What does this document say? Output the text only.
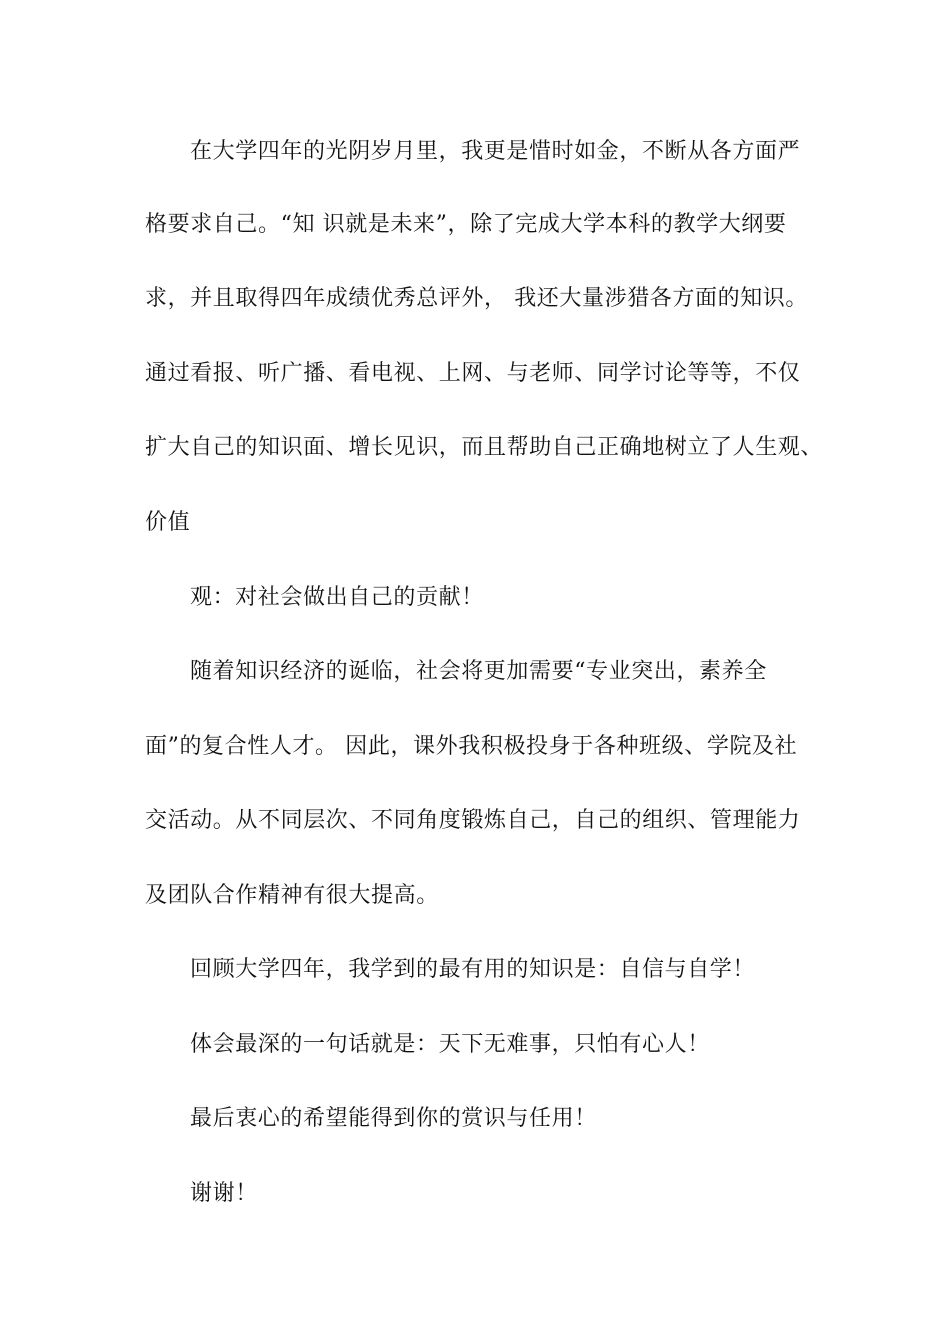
在大学四年的光阴岁月里，我更是惜时如金，不断从各方面严
格要求自己。“知 识就是未来”，除了完成大学本科的教学大纲要
求，并且取得四年成绩优秀总评外， 我还大量涉猎各方面的知识。
通过看报、听广播、看电视、上网、与老师、同学讨论等等，不仅
扩大自己的知识面、增长见识，而且帮助自己正确地树立了人生观、
价值
观：对社会做出自己的贡献！
随着知识经济的诞临，社会将更加需要“专业突出，素养全
面”的复合性人才。 因此，课外我积极投身于各种班级、学院及社
交活动。从不同层次、不同角度锻炼自己，自己的组织、管理能力
及团队合作精神有很大提高。
回顾大学四年，我学到的最有用的知识是：自信与自学！
体会最深的一句话就是：天下无难事，只怕有心人！
最后衷心的希望能得到你的赏识与任用！
谢谢！
